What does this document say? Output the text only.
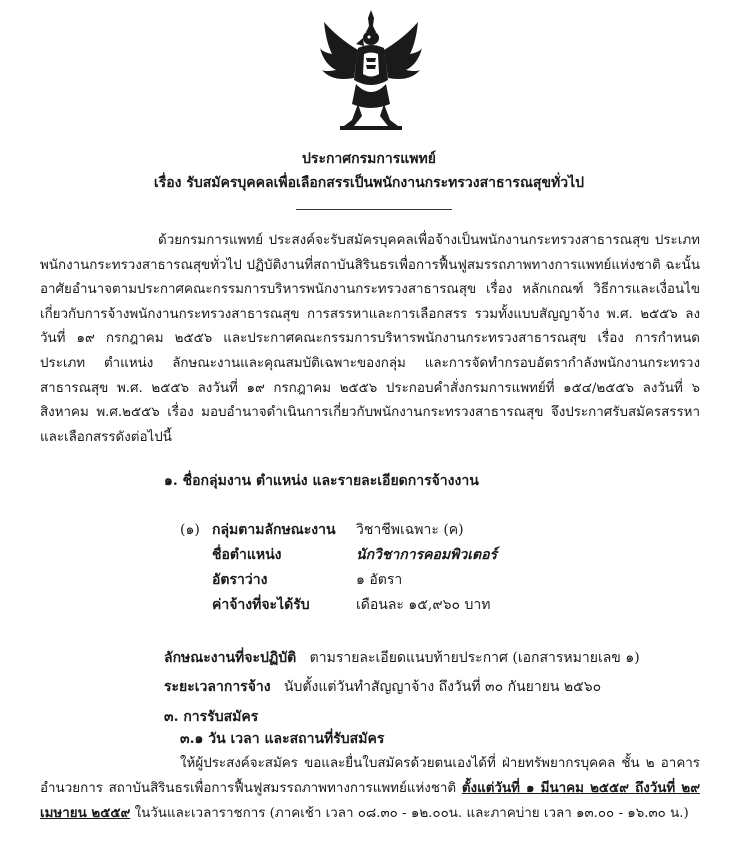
ประกาศกรมการแพทย์
เรื่อง รับสมัครบุคคลเพื่อเลือกสรรเป็นพนักงานกระทรวงสาธารณสุขทั่วไป
ด้วยกรมการแพทย์ ประสงค์จะรับสมัครบุคคลเพื่อจ้างเป็นพนักงานกระทรวงสาธารณสุข ประเภทพนักงานกระทรวงสาธารณสุขทั่วไป ปฏิบัติงานที่สถาบันสิรินธรเพื่อการฟื้นฟูสมรรถภาพทางการแพทย์แห่งชาติ ฉะนั้น อาศัยอำนาจตามประกาศคณะกรรมการบริหารพนักงานกระทรวงสาธารณสุข เรื่อง หลักเกณฑ์ วิธีการและเงื่อนไขเกี่ยวกับการจ้างพนักงานกระทรวงสาธารณสุข การสรรหาและการเลือกสรร รวมทั้งแบบสัญญาจ้าง พ.ศ. ๒๕๕๖ ลงวันที่ ๑๙ กรกฎาคม ๒๕๕๖ และประกาศคณะกรรมการบริหารพนักงานกระทรวงสาธารณสุข เรื่อง การกำหนดประเภท ตำแหน่ง ลักษณะงานและคุณสมบัติเฉพาะของกลุ่ม และการจัดทำกรอบอัตรากำลังพนักงานกระทรวงสาธารณสุข พ.ศ. ๒๕๕๖ ลงวันที่ ๑๙ กรกฎาคม ๒๕๕๖ ประกอบคำสั่งกรมการแพทย์ที่ ๑๕๔/๒๕๕๖ ลงวันที่ ๖ สิงหาคม พ.ศ.๒๕๕๖ เรื่อง มอบอำนาจดำเนินการเกี่ยวกับพนักงานกระทรวงสาธารณสุข จึงประกาศรับสมัครสรรหาและเลือกสรรดังต่อไปนี้
๑. ชื่อกลุ่มงาน ตำแหน่ง และรายละเอียดการจ้างงาน
(๑) กลุ่มตามลักษณะงาน	วิชาชีพเฉพาะ (ค)
ชื่อตำแหน่ง	นักวิชาการคอมพิวเตอร์
อัตราว่าง	๑ อัตรา
ค่าจ้างที่จะได้รับ	เดือนละ ๑๕,๙๖๐ บาท
ลักษณะงานที่จะปฏิบัติ ตามรายละเอียดแนบท้ายประกาศ (เอกสารหมายเลข ๑)
ระยะเวลาการจ้าง นับตั้งแต่วันทำสัญญาจ้าง ถึงวันที่ ๓๐ กันยายน ๒๕๖๐
๓. การรับสมัคร
๓.๑ วัน เวลา และสถานที่รับสมัคร
ให้ผู้ประสงค์จะสมัคร ขอและยื่นใบสมัครด้วยตนเองได้ที่ ฝ่ายทรัพยากรบุคคล ชั้น ๒ อาคารอำนวยการ สถาบันสิรินธรเพื่อการฟื้นฟูสมรรถภาพทางการแพทย์แห่งชาติ ตั้งแต่วันที่ ๑ มีนาคม ๒๕๕๙ ถึงวันที่ ๒๙ เมษายน ๒๕๕๙ ในวันและเวลาราชการ (ภาคเช้า เวลา ๐๘.๓๐ - ๑๒.๐๐น. และภาคบ่าย เวลา ๑๓.๐๐ - ๑๖.๓๐ น.)
